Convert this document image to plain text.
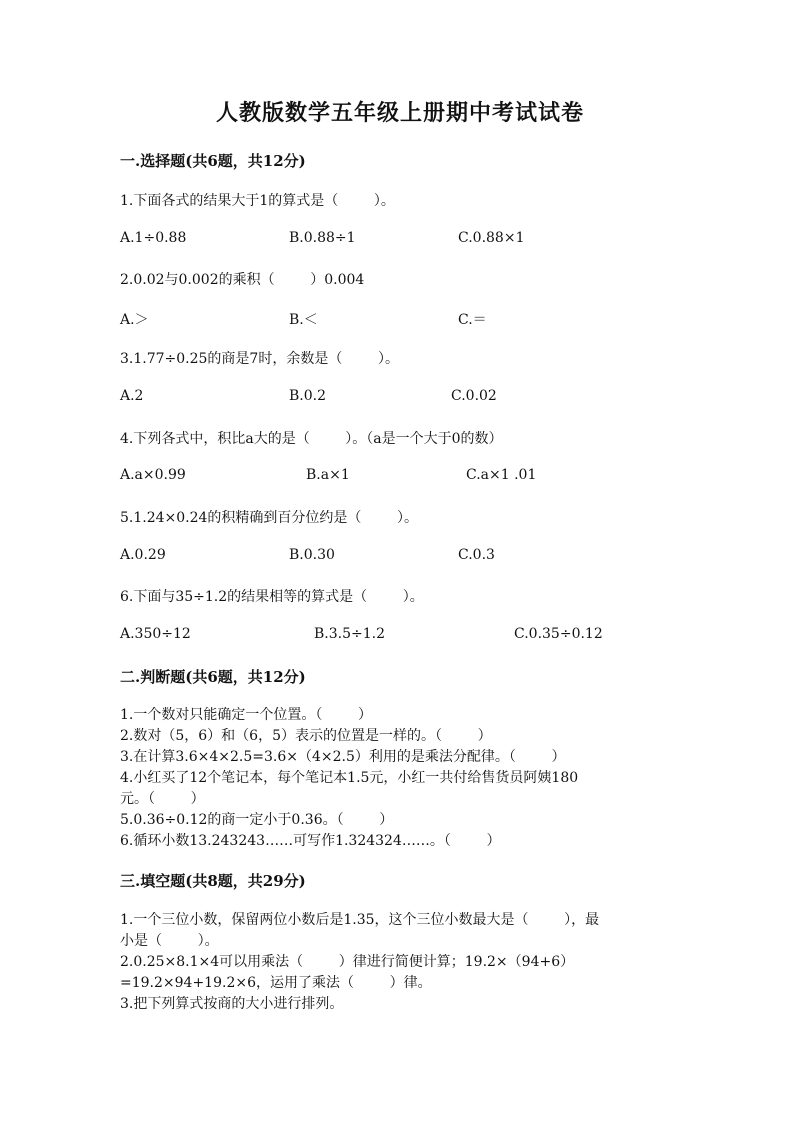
人教版数学五年级上册期中考试试卷
一.选择题(共6题，共12分)
1.下面各式的结果大于1的算式是（        ）。
A.1÷0.88	B.0.88÷1	C.0.88×1
2.0.02与0.002的乘积（        ）0.004
A.＞	B.＜	C.＝
3.1.77÷0.25的商是7时，余数是（        ）。
A.2	B.0.2	C.0.02
4.下列各式中，积比a大的是（        ）。（a是一个大于0的数）
A.a×0.99	B.a×1	C.a×1 .01
5.1.24×0.24的积精确到百分位约是（        ）。
A.0.29	B.0.30	C.0.3
6.下面与35÷1.2的结果相等的算式是（        ）。
A.350÷12	B.3.5÷1.2	C.0.35÷0.12
二.判断题(共6题，共12分)
1.一个数对只能确定一个位置。（        ）
2.数对（5，6）和（6，5）表示的位置是一样的。（        ）
3.在计算3.6×4×2.5=3.6×（4×2.5）利用的是乘法分配律。（        ）
4.小红买了12个笔记本，每个笔记本1.5元，小红一共付给售货员阿姨180
元。（        ）
5.0.36÷0.12的商一定小于0.36。（        ）
6.循环小数13.243243……可写作1.324324……。（        ）
三.填空题(共8题，共29分)
1.一个三位小数，保留两位小数后是1.35，这个三位小数最大是（        ），最
小是（        ）。
2.0.25×8.1×4可以用乘法（        ）律进行简便计算；19.2×（94+6）
=19.2×94+19.2×6，运用了乘法（        ）律。
3.把下列算式按商的大小进行排列。
